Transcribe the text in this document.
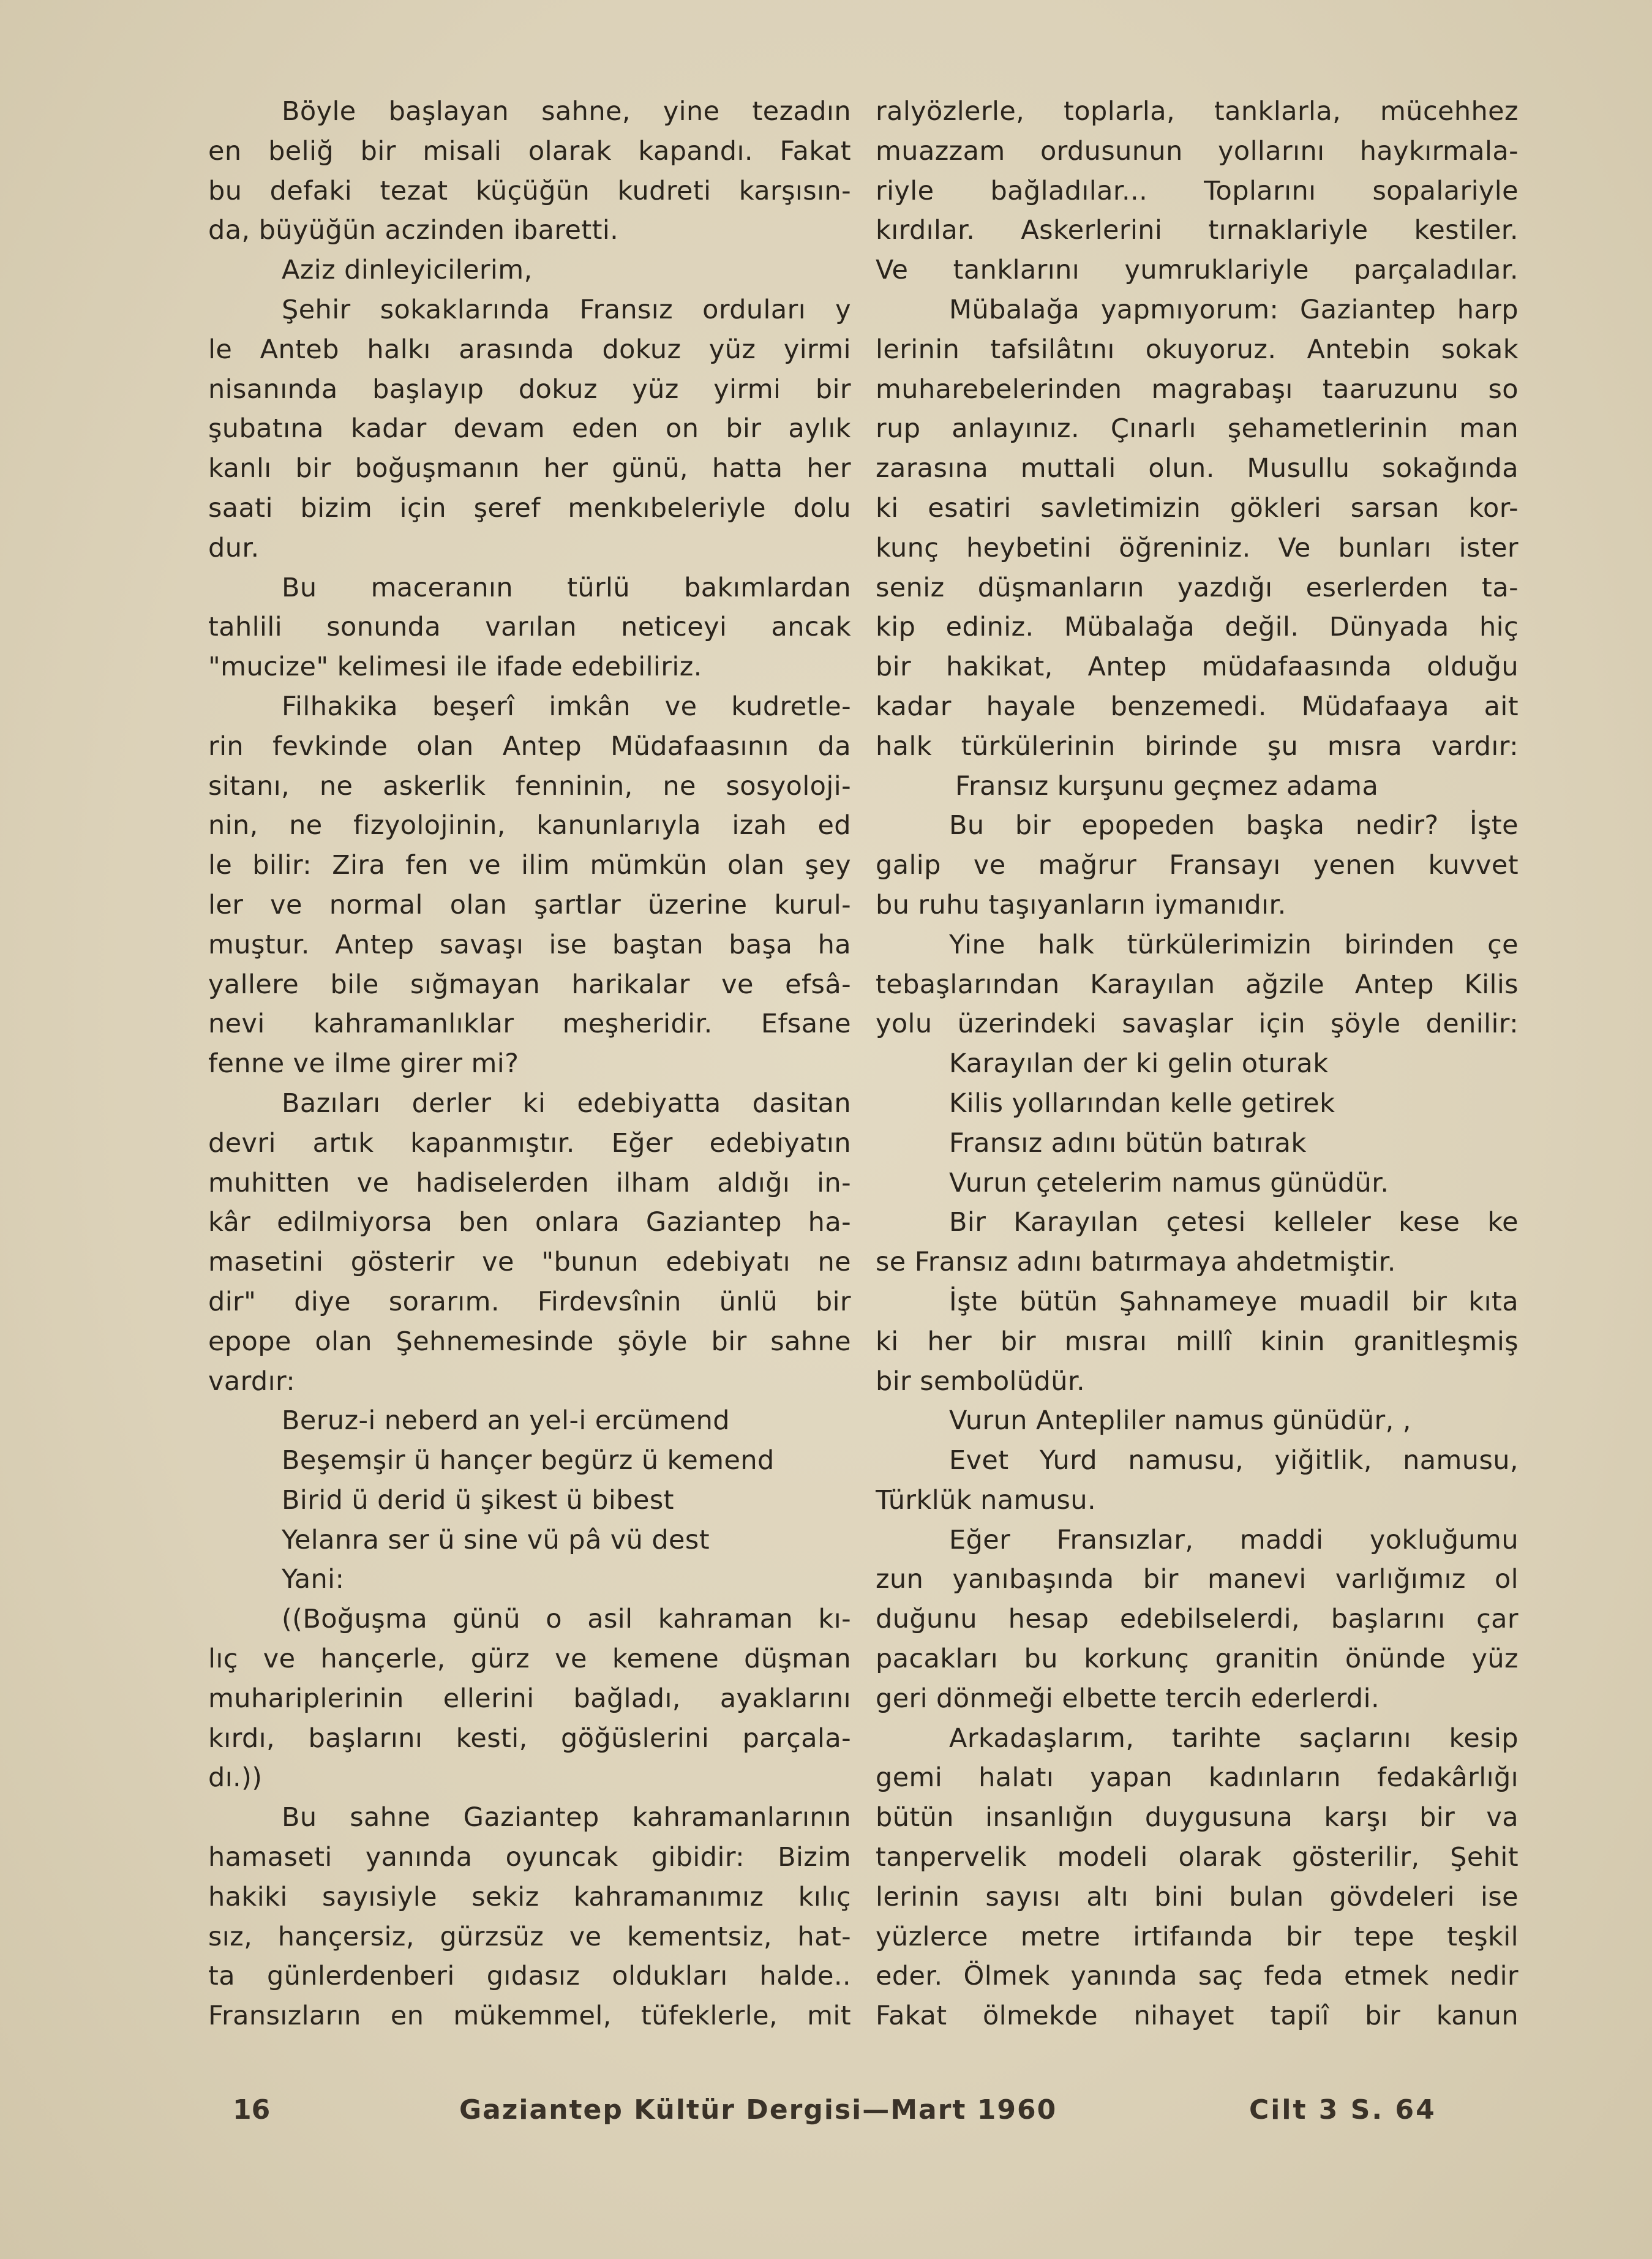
Böyle başlayan sahne, yine tezadın
en beliğ bir misali olarak kapandı. Fakat
bu defaki tezat küçüğün kudreti karşısın-
da, büyüğün aczinden ibaretti.
Aziz dinleyicilerim,
Şehir sokaklarında Fransız orduları y
le Anteb halkı arasında dokuz yüz yirmi
nisanında başlayıp dokuz yüz yirmi bir
şubatına kadar devam eden on bir aylık
kanlı bir boğuşmanın her günü, hatta her
saati bizim için şeref menkıbeleriyle dolu
dur.
Bu maceranın türlü bakımlardan
tahlili sonunda varılan neticeyi ancak
"mucize" kelimesi ile ifade edebiliriz.
Filhakika beşerî imkân ve kudretle-
rin fevkinde olan Antep Müdafaasının da
sitanı, ne askerlik fenninin, ne sosyoloji-
nin, ne fizyolojinin, kanunlarıyla izah ed
le bilir: Zira fen ve ilim mümkün olan şey
ler ve normal olan şartlar üzerine kurul-
muştur. Antep savaşı ise baştan başa ha
yallere bile sığmayan harikalar ve efsâ-
nevi kahramanlıklar meşheridir. Efsane
fenne ve ilme girer mi?
Bazıları derler ki edebiyatta dasitan
devri artık kapanmıştır. Eğer edebiyatın
muhitten ve hadiselerden ilham aldığı in-
kâr edilmiyorsa ben onlara Gaziantep ha-
masetini gösterir ve "bunun edebiyatı ne
dir" diye sorarım. Firdevsînin ünlü bir
epope olan Şehnemesinde şöyle bir sahne
vardır:
Beruz-i neberd an yel-i ercümend
Beşemşir ü hançer begürz ü kemend
Birid ü derid ü şikest ü bibest
Yelanra ser ü sine vü pâ vü dest
Yani:
((Boğuşma günü o asil kahraman kı-
lıç ve hançerle, gürz ve kemene düşman
muhariplerinin ellerini bağladı, ayaklarını
kırdı, başlarını kesti, göğüslerini parçala-
dı.))
Bu sahne Gaziantep kahramanlarının
hamaseti yanında oyuncak gibidir: Bizim
hakiki sayısiyle sekiz kahramanımız kılıç
sız, hançersiz, gürzsüz ve kementsiz, hat-
ta günlerdenberi gıdasız oldukları halde..
Fransızların en mükemmel, tüfeklerle, mit
ralyözlerle, toplarla, tanklarla, mücehhez
muazzam ordusunun yollarını haykırmala-
riyle bağladılar... Toplarını sopalariyle
kırdılar. Askerlerini tırnaklariyle kestiler.
Ve tanklarını yumruklariyle parçaladılar.
Mübalağa yapmıyorum: Gaziantep harp
lerinin tafsilâtını okuyoruz. Antebin sokak
muharebelerinden magrabaşı taaruzunu so
rup anlayınız. Çınarlı şehametlerinin man
zarasına muttali olun. Musullu sokağında
ki esatiri savletimizin gökleri sarsan kor-
kunç heybetini öğreniniz. Ve bunları ister
seniz düşmanların yazdığı eserlerden ta-
kip ediniz. Mübalağa değil. Dünyada hiç
bir hakikat, Antep müdafaasında olduğu
kadar hayale benzemedi. Müdafaaya ait
halk türkülerinin birinde şu mısra vardır:
Fransız kurşunu geçmez adama
Bu bir epopeden başka nedir? İşte
galip ve mağrur Fransayı yenen kuvvet
bu ruhu taşıyanların iymanıdır.
Yine halk türkülerimizin birinden çe
tebaşlarından Karayılan ağzile Antep Kilis
yolu üzerindeki savaşlar için şöyle denilir:
Karayılan der ki gelin oturak
Kilis yollarından kelle getirek
Fransız adını bütün batırak
Vurun çetelerim namus günüdür.
Bir Karayılan çetesi kelleler kese ke
se Fransız adını batırmaya ahdetmiştir.
İşte bütün Şahnameye muadil bir kıta
ki her bir mısraı millî kinin granitleşmiş
bir sembolüdür.
Vurun Antepliler namus günüdür, ,
Evet Yurd namusu, yiğitlik, namusu,
Türklük namusu.
Eğer Fransızlar, maddi yokluğumu
zun yanıbaşında bir manevi varlığımız ol
duğunu hesap edebilselerdi, başlarını çar
pacakları bu korkunç granitin önünde yüz
geri dönmeği elbette tercih ederlerdi.
Arkadaşlarım, tarihte saçlarını kesip
gemi halatı yapan kadınların fedakârlığı
bütün insanlığın duygusuna karşı bir va
tanpervelik modeli olarak gösterilir, Şehit
lerinin sayısı altı bini bulan gövdeleri ise
yüzlerce metre irtifaında bir tepe teşkil
eder. Ölmek yanında saç feda etmek nedir
Fakat ölmekde nihayet tapiî bir kanun
16	Gaziantep Kültür Dergisi—Mart 1960	Cilt 3 S. 64
